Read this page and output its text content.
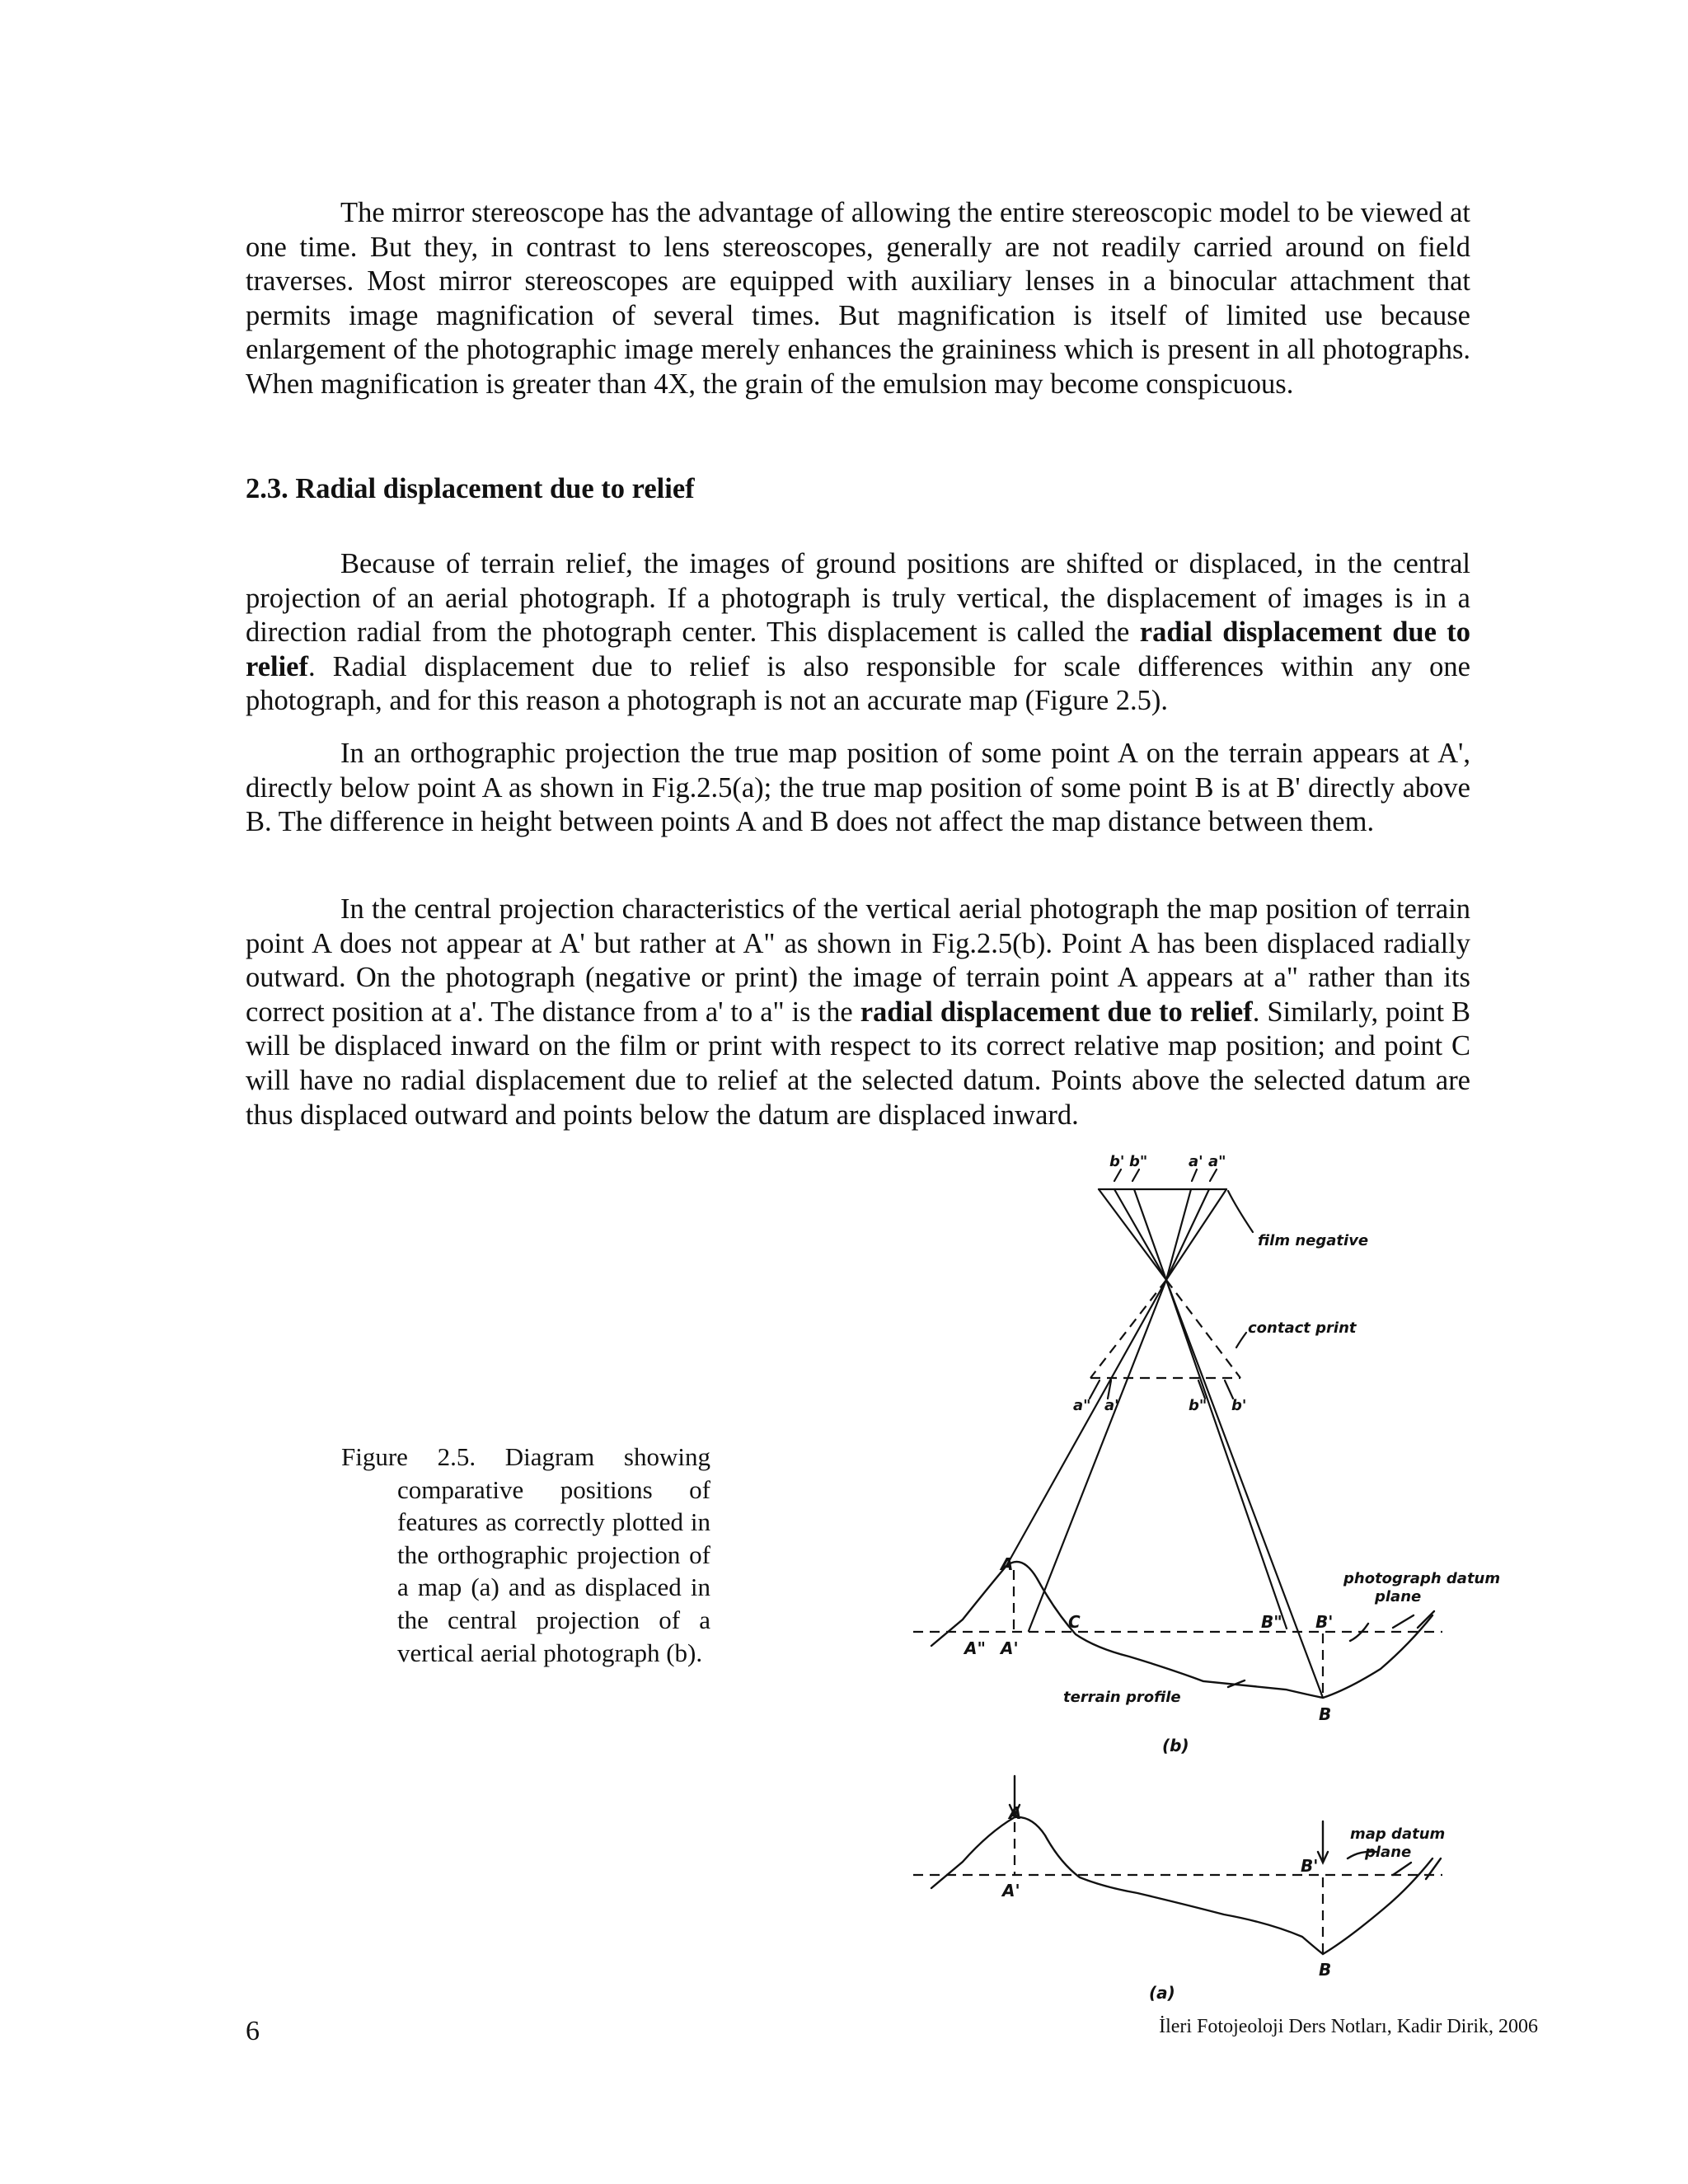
The mirror stereoscope has the advantage of allowing the entire stereoscopic model to be viewed at one time. But they, in contrast to lens stereoscopes, generally are not readily carried around on field traverses. Most mirror stereoscopes are equipped with auxiliary lenses in a binocular attachment that permits image magnification of several times. But magnification is itself of limited use because enlargement of the photographic image merely enhances the graininess which is present in all photographs. When magnification is greater than 4X, the grain of the emulsion may become conspicuous.

2.3. Radial displacement due to relief

Because of terrain relief, the images of ground positions are shifted or displaced, in the central projection of an aerial photograph. If a photograph is truly vertical, the displacement of images is in a direction radial from the photograph center. This displacement is called the radial displacement due to relief. Radial displacement due to relief is also responsible for scale differences within any one photograph, and for this reason a photograph is not an accurate map (Figure 2.5).

In an orthographic projection the true map position of some point A on the terrain appears at A', directly below point A as shown in Fig.2.5(a); the true map position of some point B is at B' directly above B. The difference in height between points A and B does not affect the map distance between them.

In the central projection characteristics of the vertical aerial photograph the map position of terrain point A does not appear at A' but rather at A" as shown in Fig.2.5(b). Point A has been displaced radially outward. On the photograph (negative or print) the image of terrain point A appears at a" rather than its correct position at a'. The distance from a' to a" is the radial displacement due to relief. Similarly, point B will be displaced inward on the film or print with respect to its correct relative map position; and point C will have no radial displacement due to relief at the selected datum. Points above the selected datum are thus displaced outward and points below the datum are displaced inward.

Figure 2.5. Diagram showing comparative positions of features as correctly plotted in the orthographic projection of a map (a) and as displaced in the central projection of a vertical aerial photograph (b).

b' b"	a' a"
film negative
contact print
a" a'	b" b'
A
A" A'
C	B" B'
B
photograph datum
plane
terrain profile
(b)
A
A'
B'
B
map datum
plane
(a)

6	İleri Fotojeoloji Ders Notları, Kadir Dirik, 2006
